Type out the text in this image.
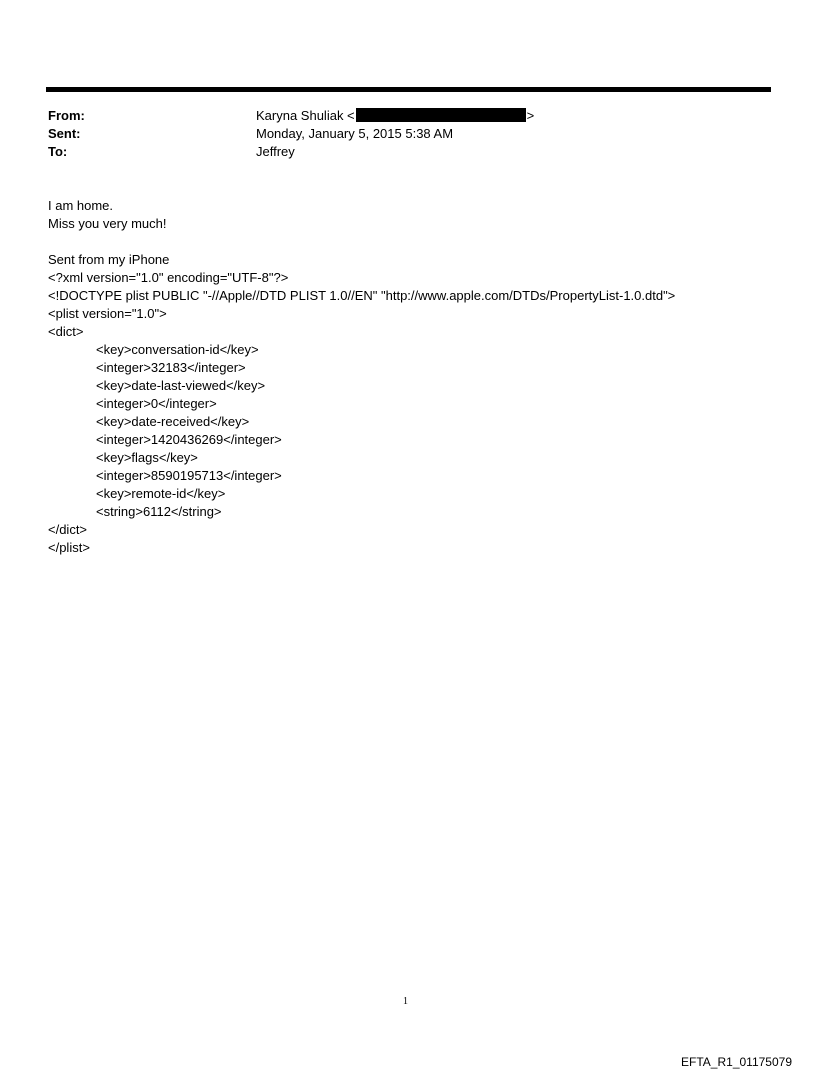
From:	Karyna Shuliak <	>
Sent:	Monday, January 5, 2015 5:38 AM
To:	Jeffrey
I am home.
Miss you very much!
Sent from my iPhone
<?xml version="1.0" encoding="UTF-8"?>
<!DOCTYPE plist PUBLIC "-//Apple//DTD PLIST 1.0//EN" "http://www.apple.com/DTDs/PropertyList-1.0.dtd">
<plist version="1.0">
<dict>
<key>conversation-id</key>
<integer>32183</integer>
<key>date-last-viewed</key>
<integer>0</integer>
<key>date-received</key>
<integer>1420436269</integer>
<key>flags</key>
<integer>8590195713</integer>
<key>remote-id</key>
<string>6112</string>
</dict>
</plist>
1
EFTA_R1_01175079
